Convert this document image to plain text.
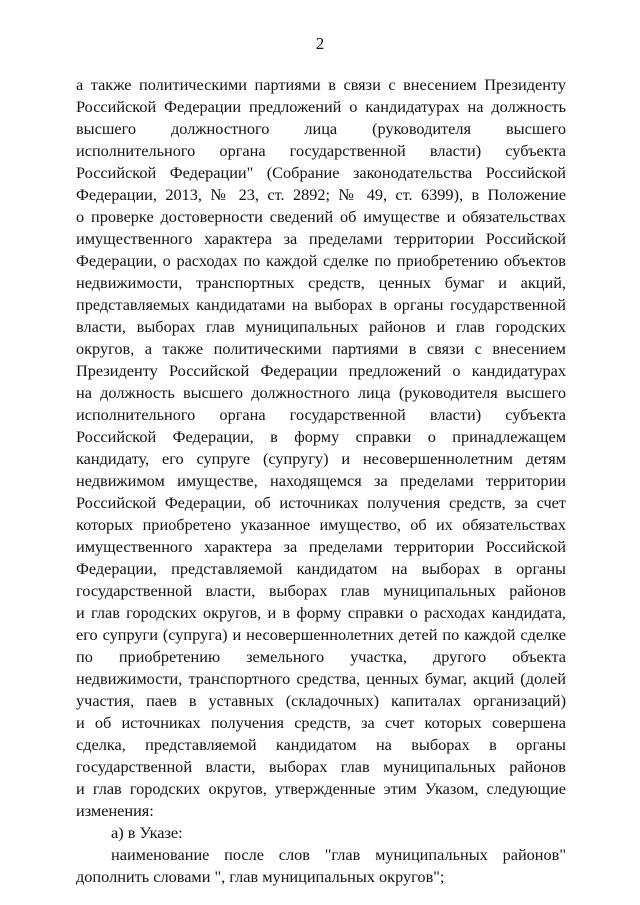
2
а также политическими партиями в связи с внесением Президенту
Российской Федерации предложений о кандидатурах на должность
высшего должностного лица (руководителя высшего
исполнительного органа государственной власти) субъекта
Российской Федерации" (Собрание законодательства Российской
Федерации, 2013, № 23, ст. 2892; № 49, ст. 6399), в Положение
о проверке достоверности сведений об имуществе и обязательствах
имущественного характера за пределами территории Российской
Федерации, о расходах по каждой сделке по приобретению объектов
недвижимости, транспортных средств, ценных бумаг и акций,
представляемых кандидатами на выборах в органы государственной
власти, выборах глав муниципальных районов и глав городских
округов, а также политическими партиями в связи с внесением
Президенту Российской Федерации предложений о кандидатурах
на должность высшего должностного лица (руководителя высшего
исполнительного органа государственной власти) субъекта
Российской Федерации, в форму справки о принадлежащем
кандидату, его супруге (супругу) и несовершеннолетним детям
недвижимом имуществе, находящемся за пределами территории
Российской Федерации, об источниках получения средств, за счет
которых приобретено указанное имущество, об их обязательствах
имущественного характера за пределами территории Российской
Федерации, представляемой кандидатом на выборах в органы
государственной власти, выборах глав муниципальных районов
и глав городских округов, и в форму справки о расходах кандидата,
его супруги (супруга) и несовершеннолетних детей по каждой сделке
по приобретению земельного участка, другого объекта
недвижимости, транспортного средства, ценных бумаг, акций (долей
участия, паев в уставных (складочных) капиталах организаций)
и об источниках получения средств, за счет которых совершена
сделка, представляемой кандидатом на выборах в органы
государственной власти, выборах глав муниципальных районов
и глав городских округов, утвержденные этим Указом, следующие
изменения:
а) в Указе:
наименование после слов "глав муниципальных районов"
дополнить словами ", глав муниципальных округов";
